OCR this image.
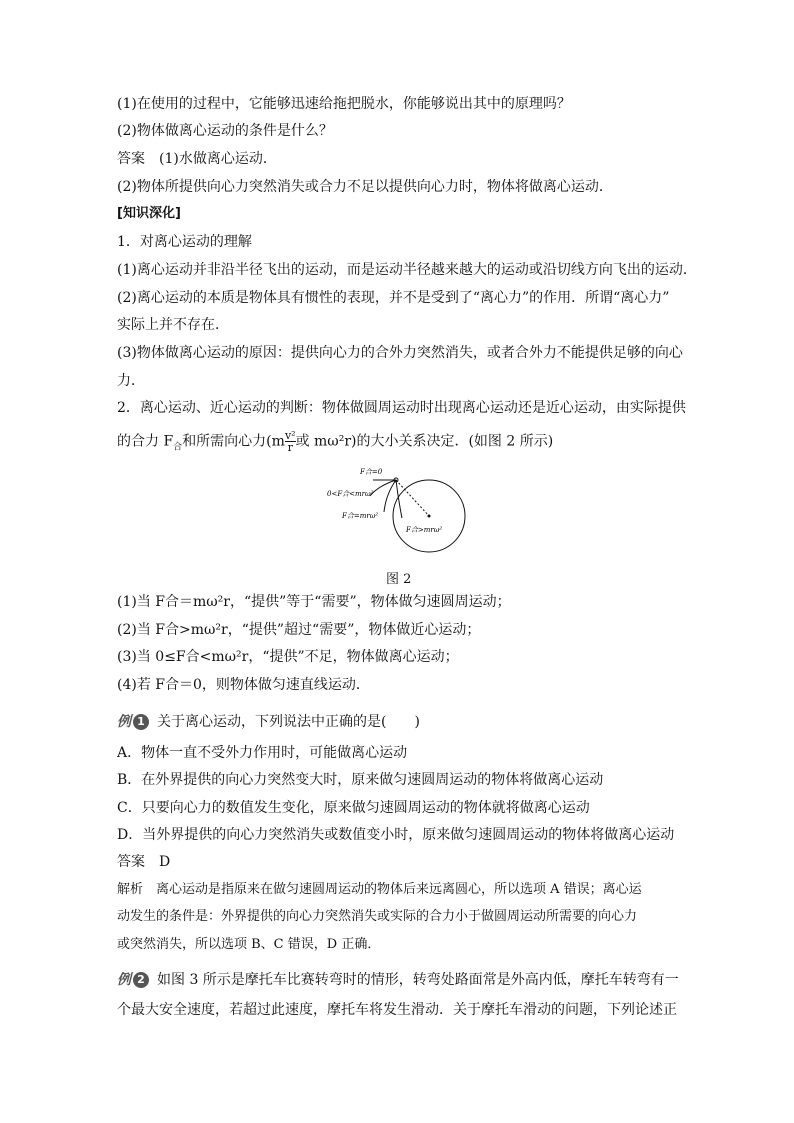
(1)在使用的过程中，它能够迅速给拖把脱水，你能够说出其中的原理吗？
(2)物体做离心运动的条件是什么？
答案　(1)水做离心运动．
(2)物体所提供向心力突然消失或合力不足以提供向心力时，物体将做离心运动．
[知识深化]
1．对离心运动的理解
(1)离心运动并非沿半径飞出的运动，而是运动半径越来越大的运动或沿切线方向飞出的运动．
(2)离心运动的本质是物体具有惯性的表现，并不是受到了“离心力”的作用．所谓“离心力”
实际上并不存在．
(3)物体做离心运动的原因：提供向心力的合外力突然消失，或者合外力不能提供足够的向心
力．
2．离心运动、近心运动的判断：物体做圆周运动时出现离心运动还是近心运动，由实际提供
的合力 $F_合$和所需向心力($m \frac{\text{v²}}{r}$ 或 mω²r)的大小关系决定．(如图 2 所示)
F合=0
0<F合<mrω²
F合=mrω²
F合>mrω²
图 2
(1)当 F合＝mω²r，“提供”等于“需要”，物体做匀速圆周运动；
(2)当 F合>mω²r，“提供”超过“需要”，物体做近心运动；
(3)当 0≤F合<mω²r，“提供”不足，物体做离心运动；
(4)若 F合＝0，则物体做匀速直线运动．
例 1 关于离心运动，下列说法中正确的是(　　)
A．物体一直不受外力作用时，可能做离心运动
B．在外界提供的向心力突然变大时，原来做匀速圆周运动的物体将做离心运动
C．只要向心力的数值发生变化，原来做匀速圆周运动的物体就将做离心运动
D．当外界提供的向心力突然消失或数值变小时，原来做匀速圆周运动的物体将做离心运动
答案　D
解析　离心运动是指原来在做匀速圆周运动的物体后来远离圆心，所以选项 A 错误；离心运
动发生的条件是：外界提供的向心力突然消失或实际的合力小于做圆周运动所需要的向心力
或突然消失，所以选项 B、C 错误，D 正确．
例 2 如图 3 所示是摩托车比赛转弯时的情形，转弯处路面常是外高内低，摩托车转弯有一
个最大安全速度，若超过此速度，摩托车将发生滑动．关于摩托车滑动的问题，下列论述正
